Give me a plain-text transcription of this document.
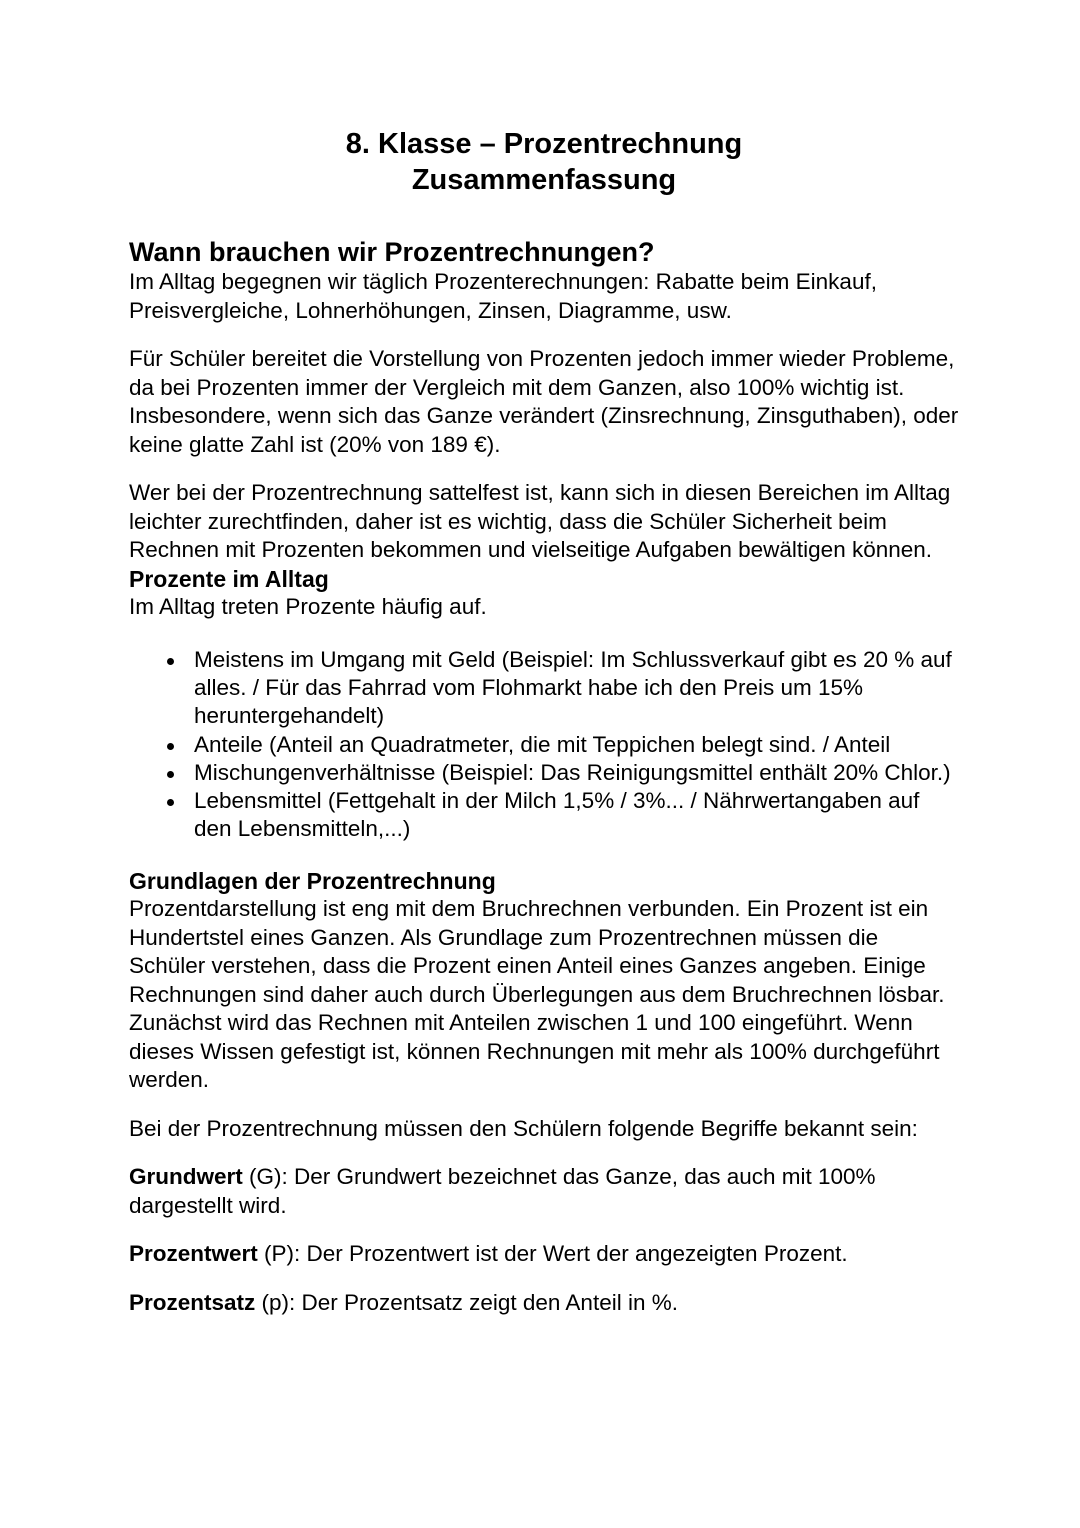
8. Klasse – Prozentrechnung
Zusammenfassung
Wann brauchen wir Prozentrechnungen?

Im Alltag begegnen wir täglich Prozenterechnungen: Rabatte beim Einkauf, Preisvergleiche, Lohnerhöhungen, Zinsen, Diagramme, usw.

Für Schüler bereitet die Vorstellung von Prozenten jedoch immer wieder Probleme, da bei Prozenten immer der Vergleich mit dem Ganzen, also 100% wichtig ist. Insbesondere, wenn sich das Ganze verändert (Zinsrechnung, Zinsguthaben), oder keine glatte Zahl ist (20% von 189 €).

Wer bei der Prozentrechnung sattelfest ist, kann sich in diesen Bereichen im Alltag leichter zurechtfinden, daher ist es wichtig, dass die Schüler Sicherheit beim Rechnen mit Prozenten bekommen und vielseitige Aufgaben bewältigen können.

Prozente im Alltag

Im Alltag treten Prozente häufig auf.

Meistens im Umgang mit Geld (Beispiel: Im Schlussverkauf gibt es 20 % auf alles. / Für das Fahrrad vom Flohmarkt habe ich den Preis um 15% heruntergehandelt)
Anteile (Anteil an Quadratmeter, die mit Teppichen belegt sind. / Anteil
Mischungenverhältnisse (Beispiel: Das Reinigungsmittel enthält 20% Chlor.)
Lebensmittel (Fettgehalt in der Milch 1,5% / 3%... / Nährwertangaben auf den Lebensmitteln,...)
Grundlagen der Prozentrechnung

Prozentdarstellung ist eng mit dem Bruchrechnen verbunden. Ein Prozent ist ein Hundertstel eines Ganzen. Als Grundlage zum Prozentrechnen müssen die Schüler verstehen, dass die Prozent einen Anteil eines Ganzes angeben. Einige Rechnungen sind daher auch durch Überlegungen aus dem Bruchrechnen lösbar. Zunächst wird das Rechnen mit Anteilen zwischen 1 und 100 eingeführt. Wenn dieses Wissen gefestigt ist, können Rechnungen mit mehr als 100% durchgeführt werden.

Bei der Prozentrechnung müssen den Schülern folgende Begriffe bekannt sein:

Grundwert (G): Der Grundwert bezeichnet das Ganze, das auch mit 100% dargestellt wird.

Prozentwert (P): Der Prozentwert ist der Wert der angezeigten Prozent.

Prozentsatz (p): Der Prozentsatz zeigt den Anteil in %.
